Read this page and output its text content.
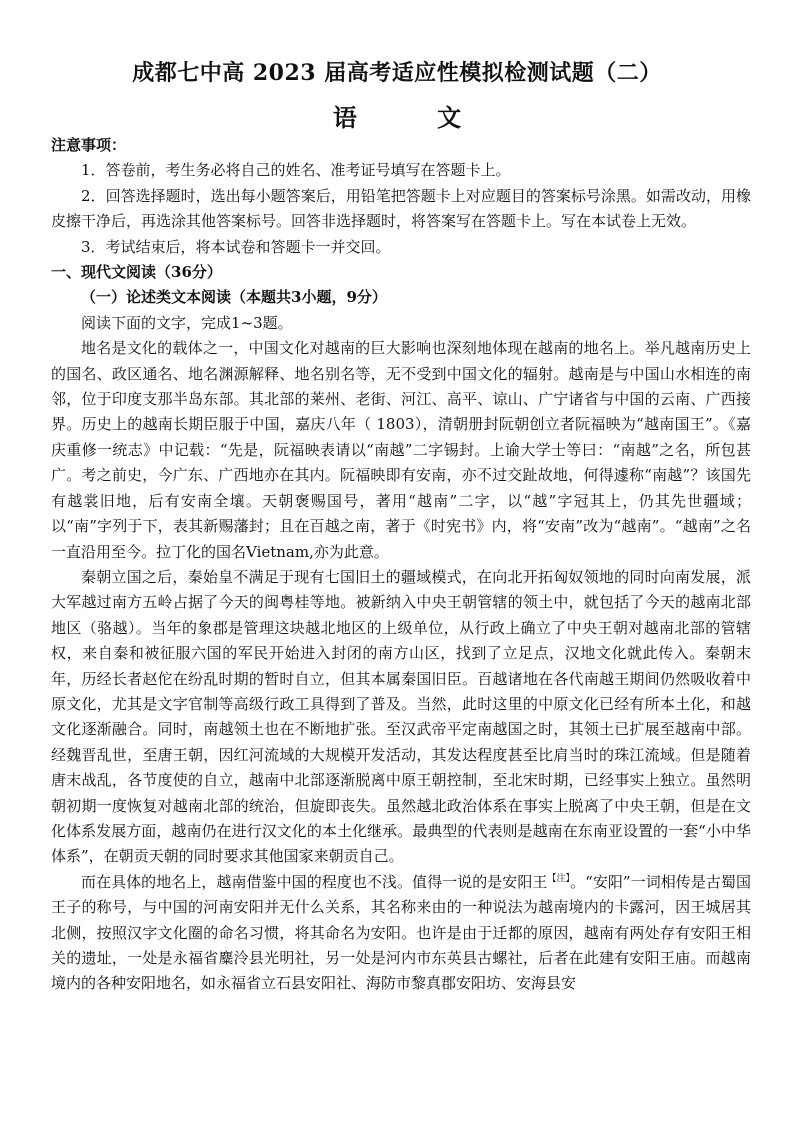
成都七中高 2023 届高考适应性模拟检测试题（二）
语 文

注意事项：

1．答卷前，考生务必将自己的姓名、准考证号填写在答题卡上。

2．回答选择题时，选出每小题答案后，用铅笔把答题卡上对应题目的答案标号涂黑。如需改动，用橡皮擦干净后，再选涂其他答案标号。回答非选择题时，将答案写在答题卡上。写在本试卷上无效。

3．考试结束后，将本试卷和答题卡一并交回。

一、现代文阅读（36分）

（一）论述类文本阅读（本题共3小题，9分）

阅读下面的文字，完成1~3题。

地名是文化的载体之一，中国文化对越南的巨大影响也深刻地体现在越南的地名上。举凡越南历史上的国名、政区通名、地名渊源解释、地名别名等，无不受到中国文化的辐射。越南是与中国山水相连的南邻，位于印度支那半岛东部。其北部的莱州、老街、河江、高平、谅山、广宁诸省与中国的云南、广西接界。历史上的越南长期臣服于中国，嘉庆八年（ 1803），清朝册封阮朝创立者阮福映为“越南国王”。《嘉庆重修一统志》中记载：“先是，阮福映表请以“南越”二字锡封。上谕大学士等曰：“南越”之名，所包甚广。考之前史，今广东、广西地亦在其内。阮福映即有安南，亦不过交趾故地，何得遽称“南越”？该国先有越裳旧地，后有安南全壤。天朝褒赐国号，著用“越南”二字，以“越”字冠其上，仍其先世疆域；以“南”字列于下，表其新赐藩封；且在百越之南，著于《时宪书》内，将“安南”改为“越南”。“越南”之名一直沿用至今。拉丁化的国名Vietnam,亦为此意。

秦朝立国之后，秦始皇不满足于现有七国旧土的疆域模式，在向北开拓匈奴领地的同时向南发展，派大军越过南方五岭占据了今天的闽粤桂等地。被新纳入中央王朝管辖的领土中，就包括了今天的越南北部地区（骆越）。当年的象郡是管理这块越北地区的上级单位，从行政上确立了中央王朝对越南北部的管辖权，来自秦和被征服六国的军民开始进入封闭的南方山区，找到了立足点，汉地文化就此传入。秦朝末年，历经长者赵佗在纷乱时期的暂时自立，但其本属秦国旧臣。百越诸地在各代南越王期间仍然吸收着中原文化，尤其是文字官制等高级行政工具得到了普及。当然，此时这里的中原文化已经有所本土化，和越文化逐渐融合。同时，南越领土也在不断地扩张。至汉武帝平定南越国之时，其领土已扩展至越南中部。经魏晋乱世，至唐王朝，因红河流域的大规模开发活动，其发达程度甚至比肩当时的珠江流域。但是随着唐末战乱，各节度使的自立，越南中北部逐渐脱离中原王朝控制，至北宋时期，已经事实上独立。虽然明朝初期一度恢复对越南北部的统治，但旋即丧失。虽然越北政治体系在事实上脱离了中央王朝，但是在文化体系发展方面，越南仍在进行汉文化的本土化继承。最典型的代表则是越南在东南亚设置的一套“小中华体系”，在朝贡天朝的同时要求其他国家来朝贡自己。

而在具体的地名上，越南借鉴中国的程度也不浅。值得一说的是安阳王$^{【注】}$。“安阳”一词相传是古蜀国王子的称号，与中国的河南安阳并无什么关系，其名称来由的一种说法为越南境内的卡露河，因王城居其北侧，按照汉字文化圈的命名习惯，将其命名为安阳。也许是由于迁都的原因，越南有两处存有安阳王相关的遗址，一处是永福省麋泠县光明社，另一处是河内市东英县古螺社，后者在此建有安阳王庙。而越南境内的各种安阳地名，如永福省立石县安阳社、海防市黎真郡安阳坊、安海县安
